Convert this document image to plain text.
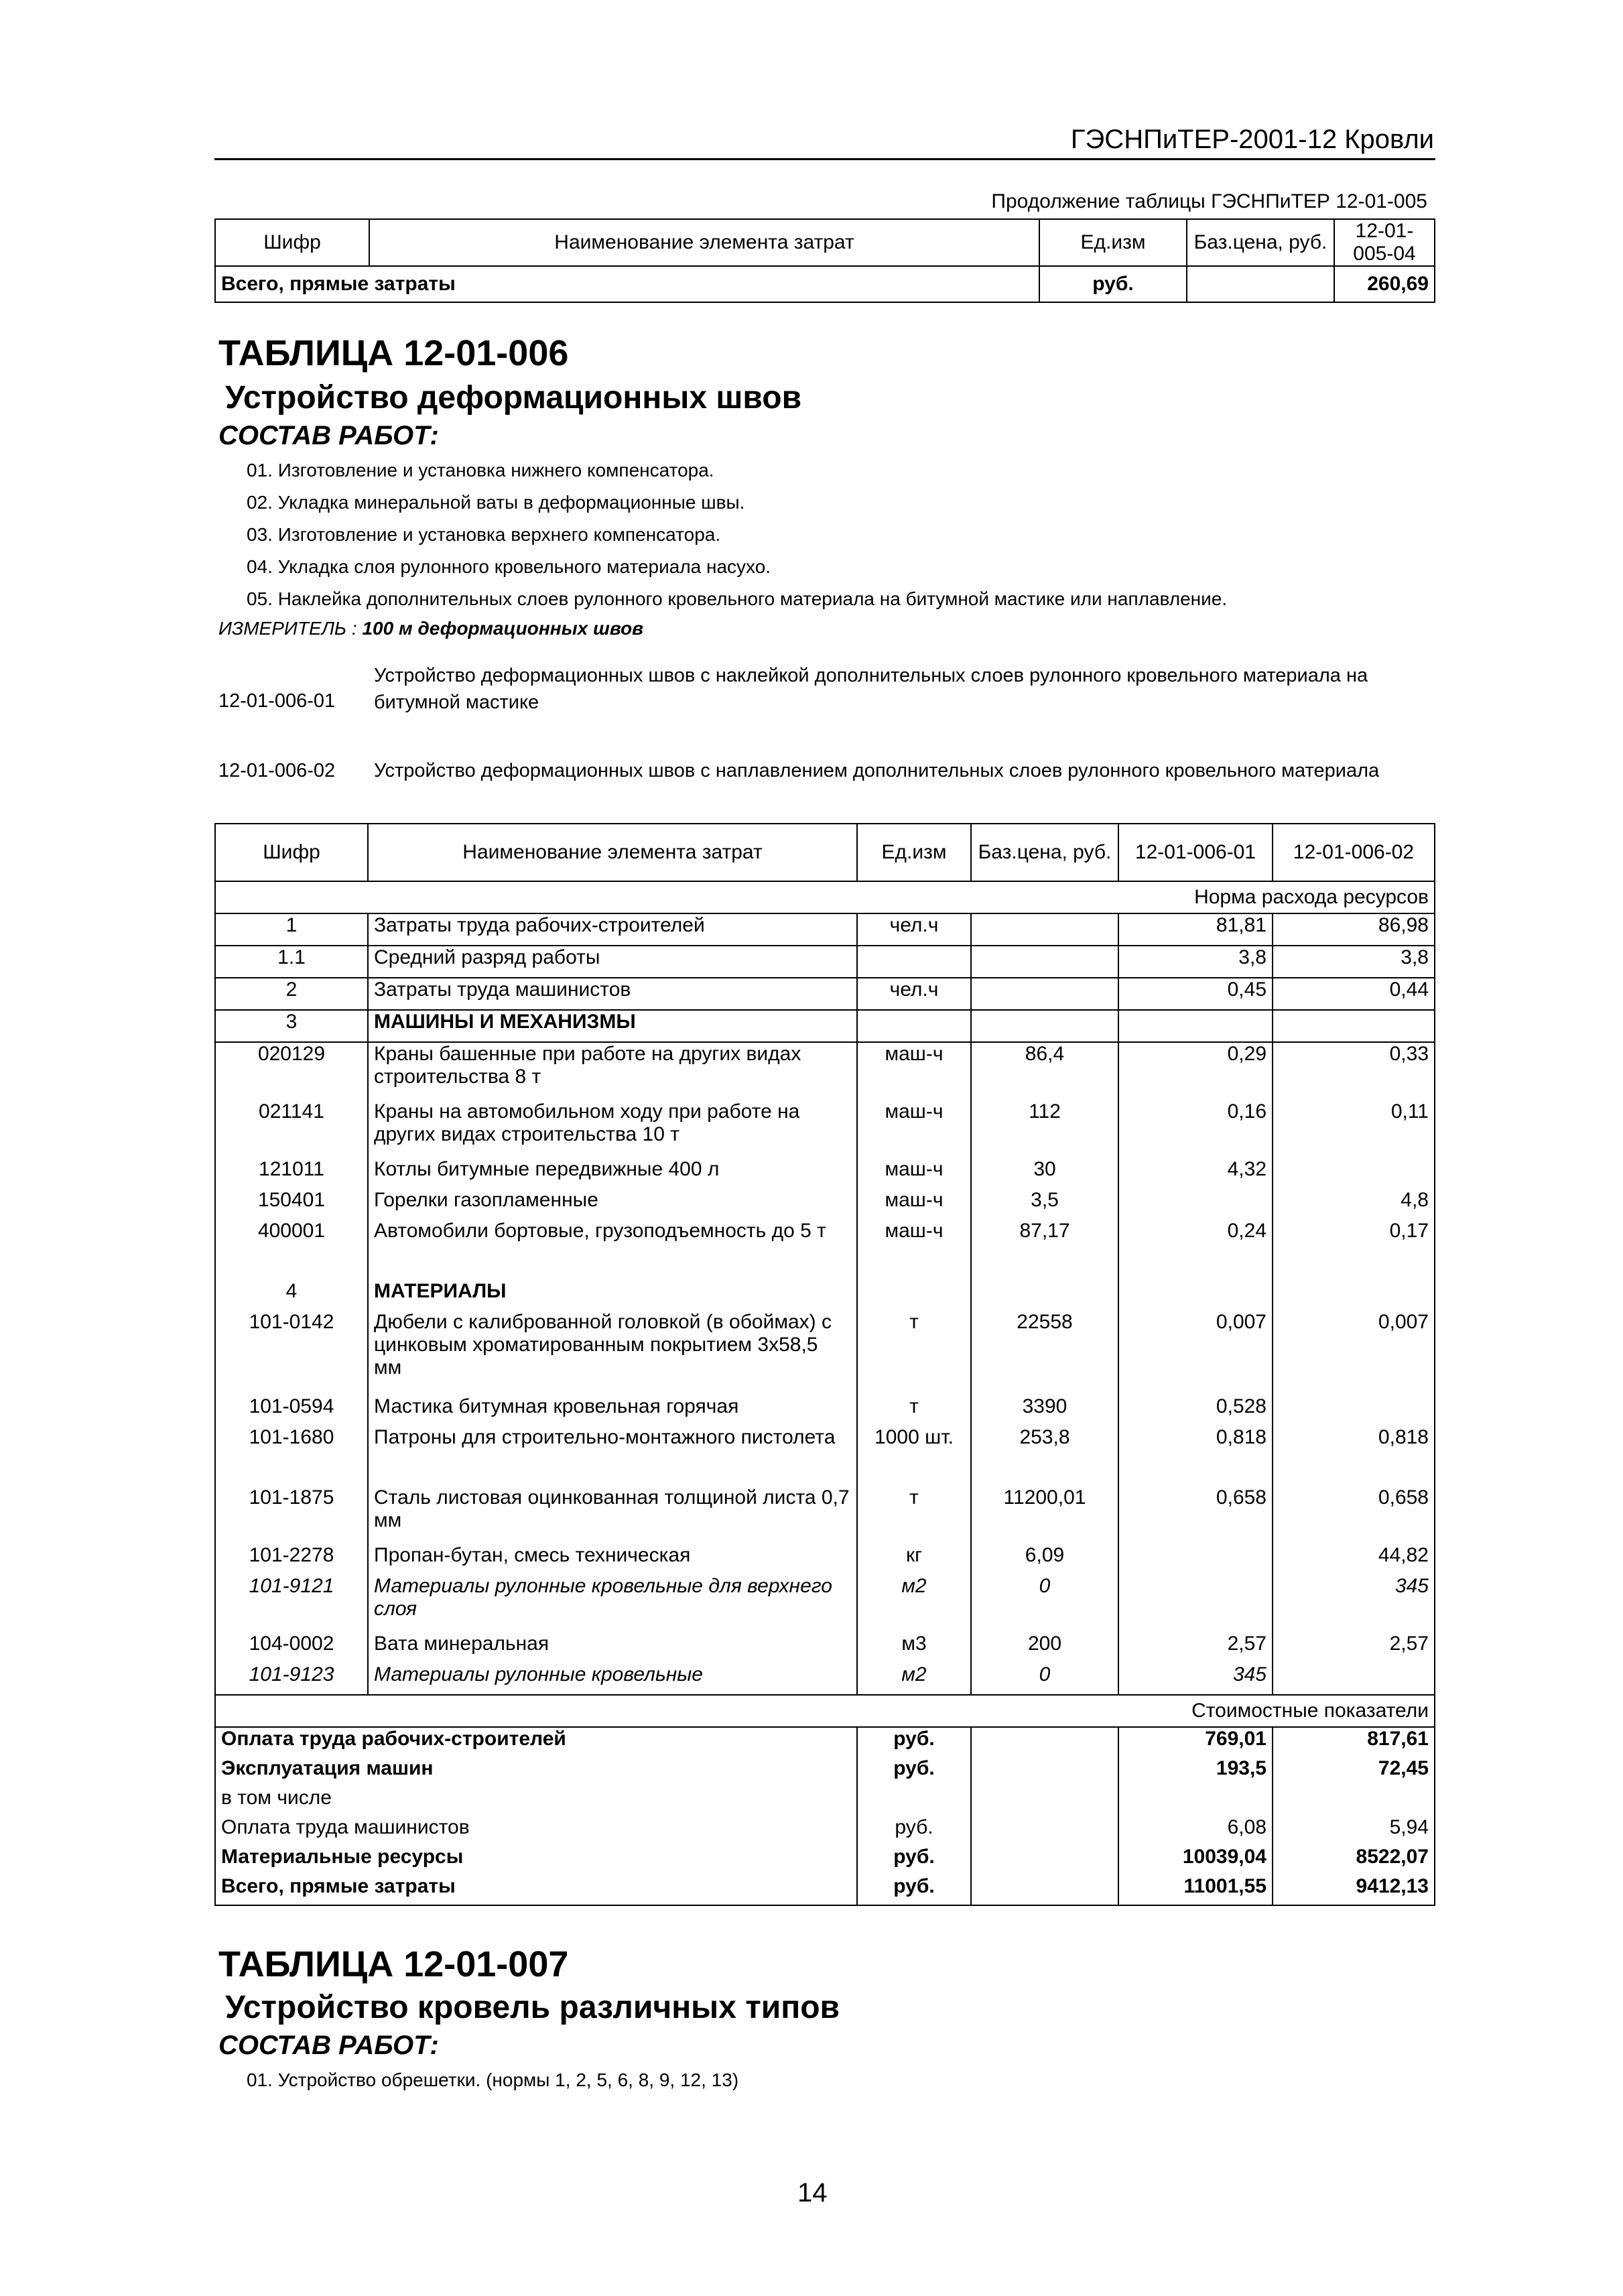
ГЭСНПиТЕР-2001-12 Кровли
Продолжение таблицы ГЭСНПиТЕР 12-01-005
Шифр	Наименование элемента затрат	Ед.изм	Баз.цена, руб.	12-01-005-04
Всего, прямые затраты		руб.		260,69
ТАБЛИЦА 12-01-006
Устройство деформационных швов
СОСТАВ РАБОТ:
01. Изготовление и установка нижнего компенсатора.
02. Укладка минеральной ваты в деформационные швы.
03. Изготовление и установка верхнего компенсатора.
04. Укладка слоя рулонного кровельного материала насухо.
05. Наклейка дополнительных слоев рулонного кровельного материала на битумной мастике или наплавление.
ИЗМЕРИТЕЛЬ : 100 м деформационных швов
12-01-006-01
Устройство деформационных швов с наклейкой дополнительных слоев рулонного кровельного материала на битумной мастике
12-01-006-02 Устройство деформационных швов с наплавлением дополнительных слоев рулонного кровельного материала
Шифр	Наименование элемента затрат	Ед.изм	Баз.цена, руб.	12-01-006-01	12-01-006-02
Норма расхода ресурсов					
1	Затраты труда рабочих-строителей	чел.ч		81,81	86,98
1.1	Средний разряд работы			3,8	3,8
2	Затраты труда машинистов	чел.ч		0,45	0,44
3	МАШИНЫ И МЕХАНИЗМЫ				
020129	Краны башенные при работе на других видах строительства 8 т	маш-ч	86,4	0,29	0,33
021141	Краны на автомобильном ходу при работе на других видах строительства 10 т	маш-ч	112	0,16	0,11
121011	Котлы битумные передвижные 400 л	маш-ч	30	4,32	
150401	Горелки газопламенные	маш-ч	3,5		4,8
400001	Автомобили бортовые, грузоподъемность до 5 т	маш-ч	87,17	0,24	0,17
4	МАТЕРИАЛЫ				
101-0142	Дюбели с калиброванной головкой (в обоймах) с цинковым хроматированным покрытием 3х58,5 мм	т	22558	0,007	0,007
101-0594	Мастика битумная кровельная горячая	т	3390	0,528	
101-1680	Патроны для строительно-монтажного пистолета	1000 шт.	253,8	0,818	0,818
101-1875	Сталь листовая оцинкованная толщиной листа 0,7 мм	т	11200,01	0,658	0,658
101-2278	Пропан-бутан, смесь техническая	кг	6,09		44,82
101-9121	Материалы рулонные кровельные для верхнего слоя	м2	0		345
104-0002	Вата минеральная	м3	200	2,57	2,57
101-9123	Материалы рулонные кровельные	м2	0	345	
Стоимостные показатели					
Оплата труда рабочих-строителей		руб.		769,01	817,61
Эксплуатация машин		руб.		193,5	72,45
в том числе					
Оплата труда машинистов		руб.		6,08	5,94
Материальные ресурсы		руб.		10039,04	8522,07
Всего, прямые затраты		руб.		11001,55	9412,13
ТАБЛИЦА 12-01-007
Устройство кровель различных типов
СОСТАВ РАБОТ:
01. Устройство обрешетки. (нормы 1, 2, 5, 6, 8, 9, 12, 13)
14
